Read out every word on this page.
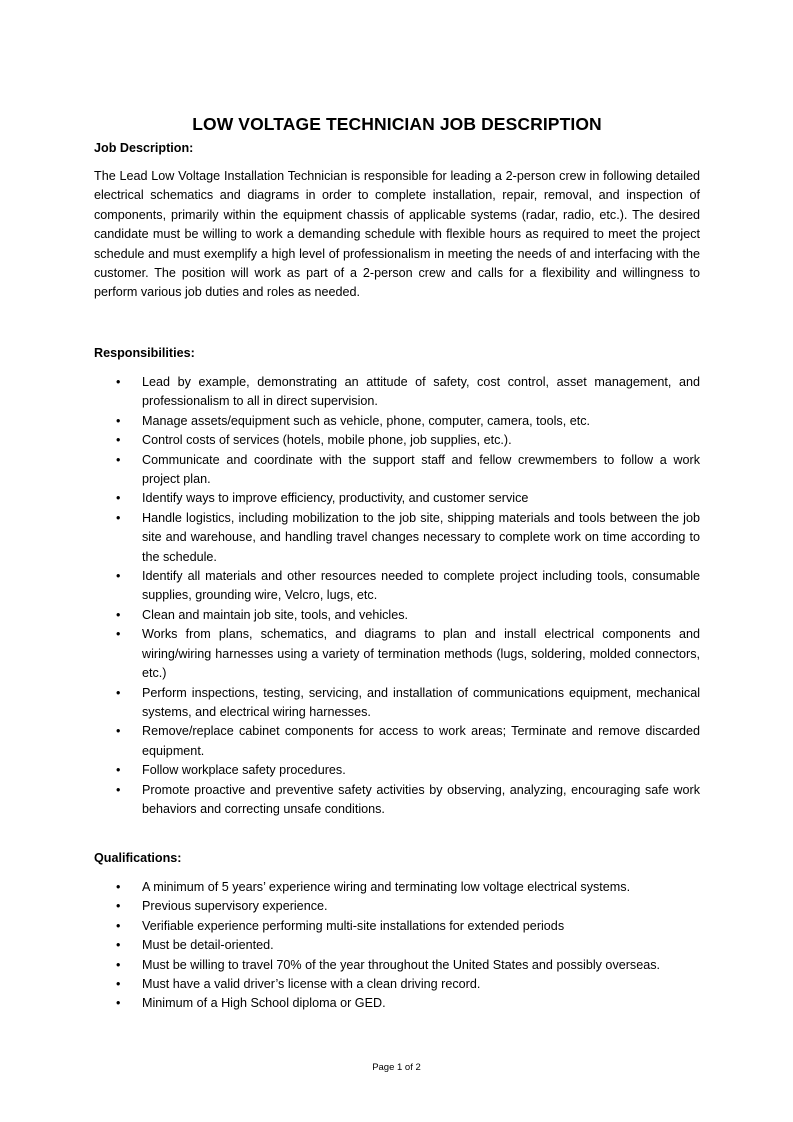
LOW VOLTAGE TECHNICIAN JOB DESCRIPTION
Job Description:
The Lead Low Voltage Installation Technician is responsible for leading a 2-person crew in following detailed electrical schematics and diagrams in order to complete installation, repair, removal, and inspection of components, primarily within the equipment chassis of applicable systems (radar, radio, etc.). The desired candidate must be willing to work a demanding schedule with flexible hours as required to meet the project schedule and must exemplify a high level of professionalism in meeting the needs of and interfacing with the customer. The position will work as part of a 2-person crew and calls for a flexibility and willingness to perform various job duties and roles as needed.
Responsibilities:
• Lead by example, demonstrating an attitude of safety, cost control, asset management, and professionalism to all in direct supervision.
• Manage assets/equipment such as vehicle, phone, computer, camera, tools, etc.
• Control costs of services (hotels, mobile phone, job supplies, etc.).
• Communicate and coordinate with the support staff and fellow crewmembers to follow a work project plan.
• Identify ways to improve efficiency, productivity, and customer service
• Handle logistics, including mobilization to the job site, shipping materials and tools between the job site and warehouse, and handling travel changes necessary to complete work on time according to the schedule.
• Identify all materials and other resources needed to complete project including tools, consumable supplies, grounding wire, Velcro, lugs, etc.
• Clean and maintain job site, tools, and vehicles.
• Works from plans, schematics, and diagrams to plan and install electrical components and wiring/wiring harnesses using a variety of termination methods (lugs, soldering, molded connectors, etc.)
• Perform inspections, testing, servicing, and installation of communications equipment, mechanical systems, and electrical wiring harnesses.
• Remove/replace cabinet components for access to work areas; Terminate and remove discarded equipment.
• Follow workplace safety procedures.
• Promote proactive and preventive safety activities by observing, analyzing, encouraging safe work behaviors and correcting unsafe conditions.
Qualifications:
• A minimum of 5 years’ experience wiring and terminating low voltage electrical systems.
• Previous supervisory experience.
• Verifiable experience performing multi-site installations for extended periods
• Must be detail-oriented.
• Must be willing to travel 70% of the year throughout the United States and possibly overseas.
• Must have a valid driver’s license with a clean driving record.
• Minimum of a High School diploma or GED.
Page 1 of 2
